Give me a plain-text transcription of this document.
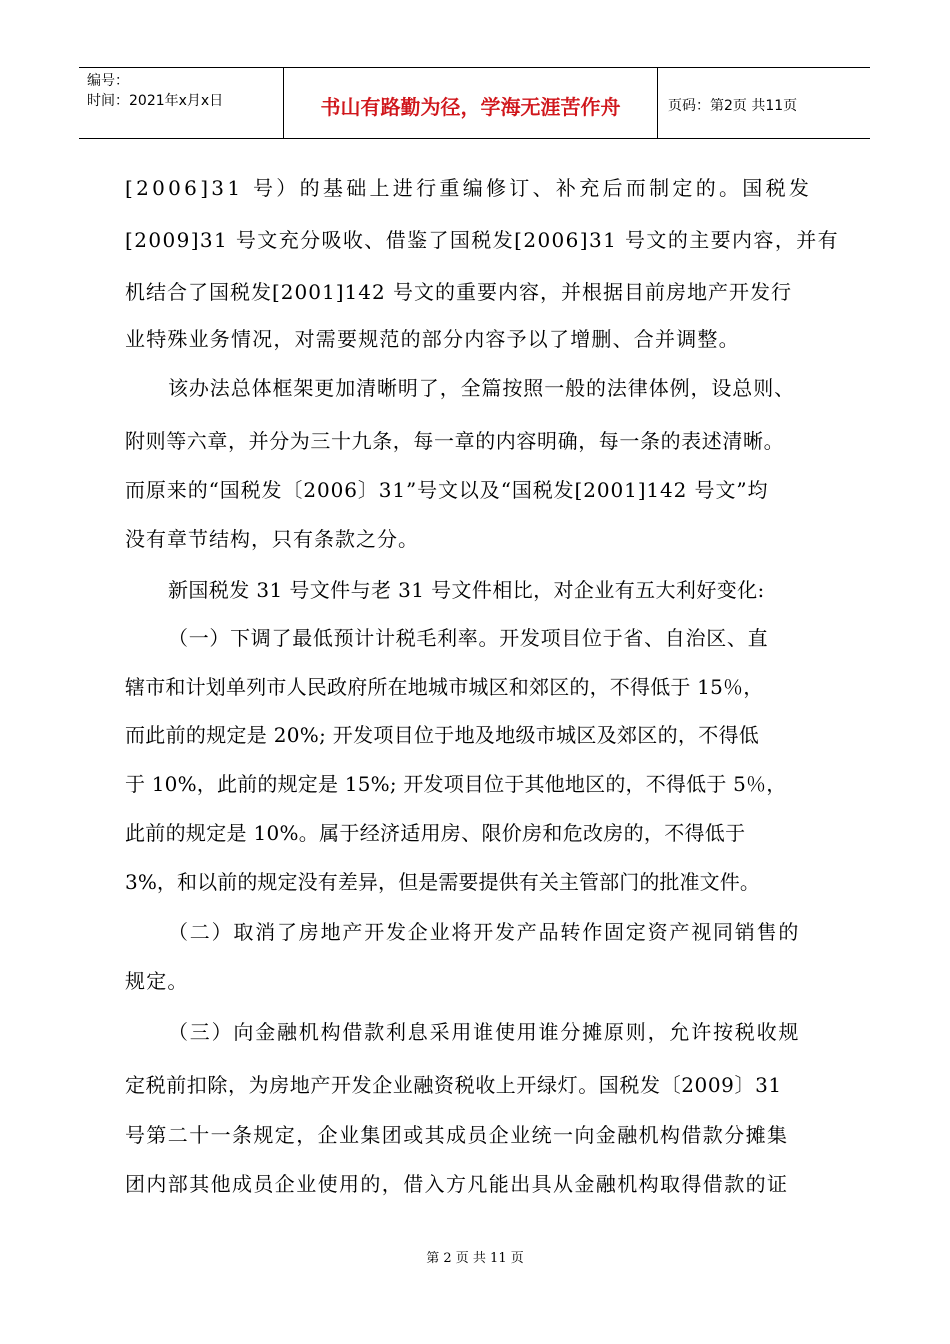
编号：
时间：2021年x月x日	书山有路勤为径，学海无涯苦作舟	页码：第2页 共11页
[2006]31 号）的基础上进行重编修订、补充后而制定的。国税发
[2009]31 号文充分吸收、借鉴了国税发[2006]31 号文的主要内容，并有
机结合了国税发[2001]142 号文的重要内容，并根据目前房地产开发行
业特殊业务情况，对需要规范的部分内容予以了增删、合并调整。
该办法总体框架更加清晰明了，全篇按照一般的法律体例，设总则、
附则等六章，并分为三十九条，每一章的内容明确，每一条的表述清晰。
而原来的“国税发〔2006〕31”号文以及“国税发[2001]142 号文”均
没有章节结构，只有条款之分。
新国税发 31 号文件与老 31 号文件相比，对企业有五大利好变化:
（一）下调了最低预计计税毛利率。开发项目位于省、自治区、直
辖市和计划单列市人民政府所在地城市城区和郊区的，不得低于 15％，
而此前的规定是 20%; 开发项目位于地及地级市城区及郊区的，不得低
于 10%，此前的规定是 15%; 开发项目位于其他地区的，不得低于 5％，
此前的规定是 10%。属于经济适用房、限价房和危改房的，不得低于
3%，和以前的规定没有差异，但是需要提供有关主管部门的批准文件。
（二）取消了房地产开发企业将开发产品转作固定资产视同销售的
规定。
（三）向金融机构借款利息采用谁使用谁分摊原则，允许按税收规
定税前扣除，为房地产开发企业融资税收上开绿灯。国税发〔2009〕31
号第二十一条规定，企业集团或其成员企业统一向金融机构借款分摊集
团内部其他成员企业使用的，借入方凡能出具从金融机构取得借款的证
第 2 页 共 11 页
